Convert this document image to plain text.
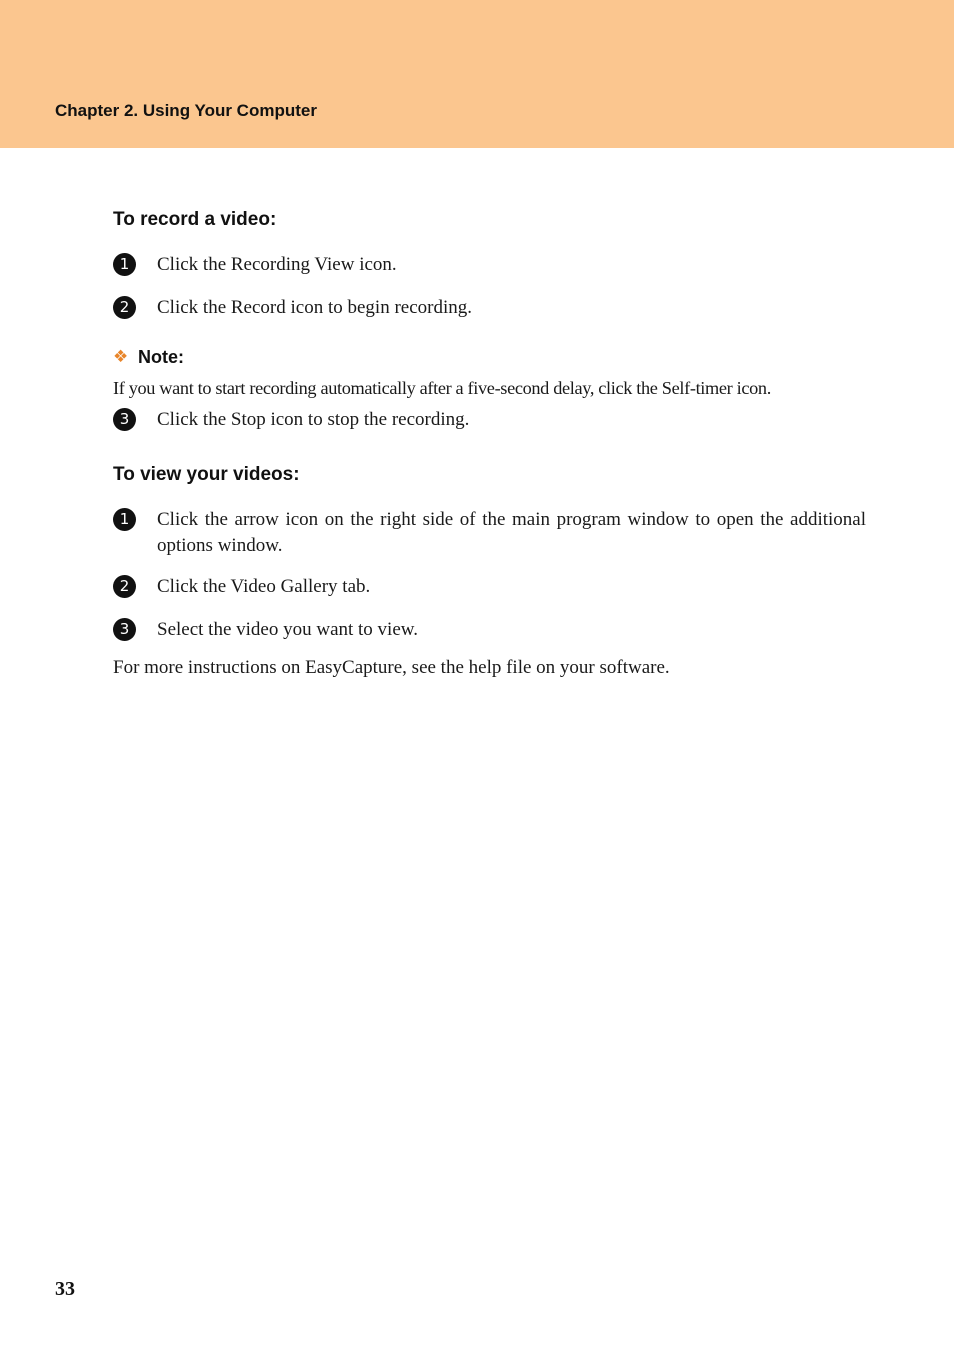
Chapter 2. Using Your Computer
To record a video:
1	Click the Recording View icon.
2	Click the Record icon to begin recording.
❖ Note:
If you want to start recording automatically after a five-second delay, click the Self-timer icon.
3	Click the Stop icon to stop the recording.
To view your videos:
1	Click the arrow icon on the right side of the main program window to open the additional options window.
2	Click the Video Gallery tab.
3	Select the video you want to view.
For more instructions on EasyCapture, see the help file on your software.
33
